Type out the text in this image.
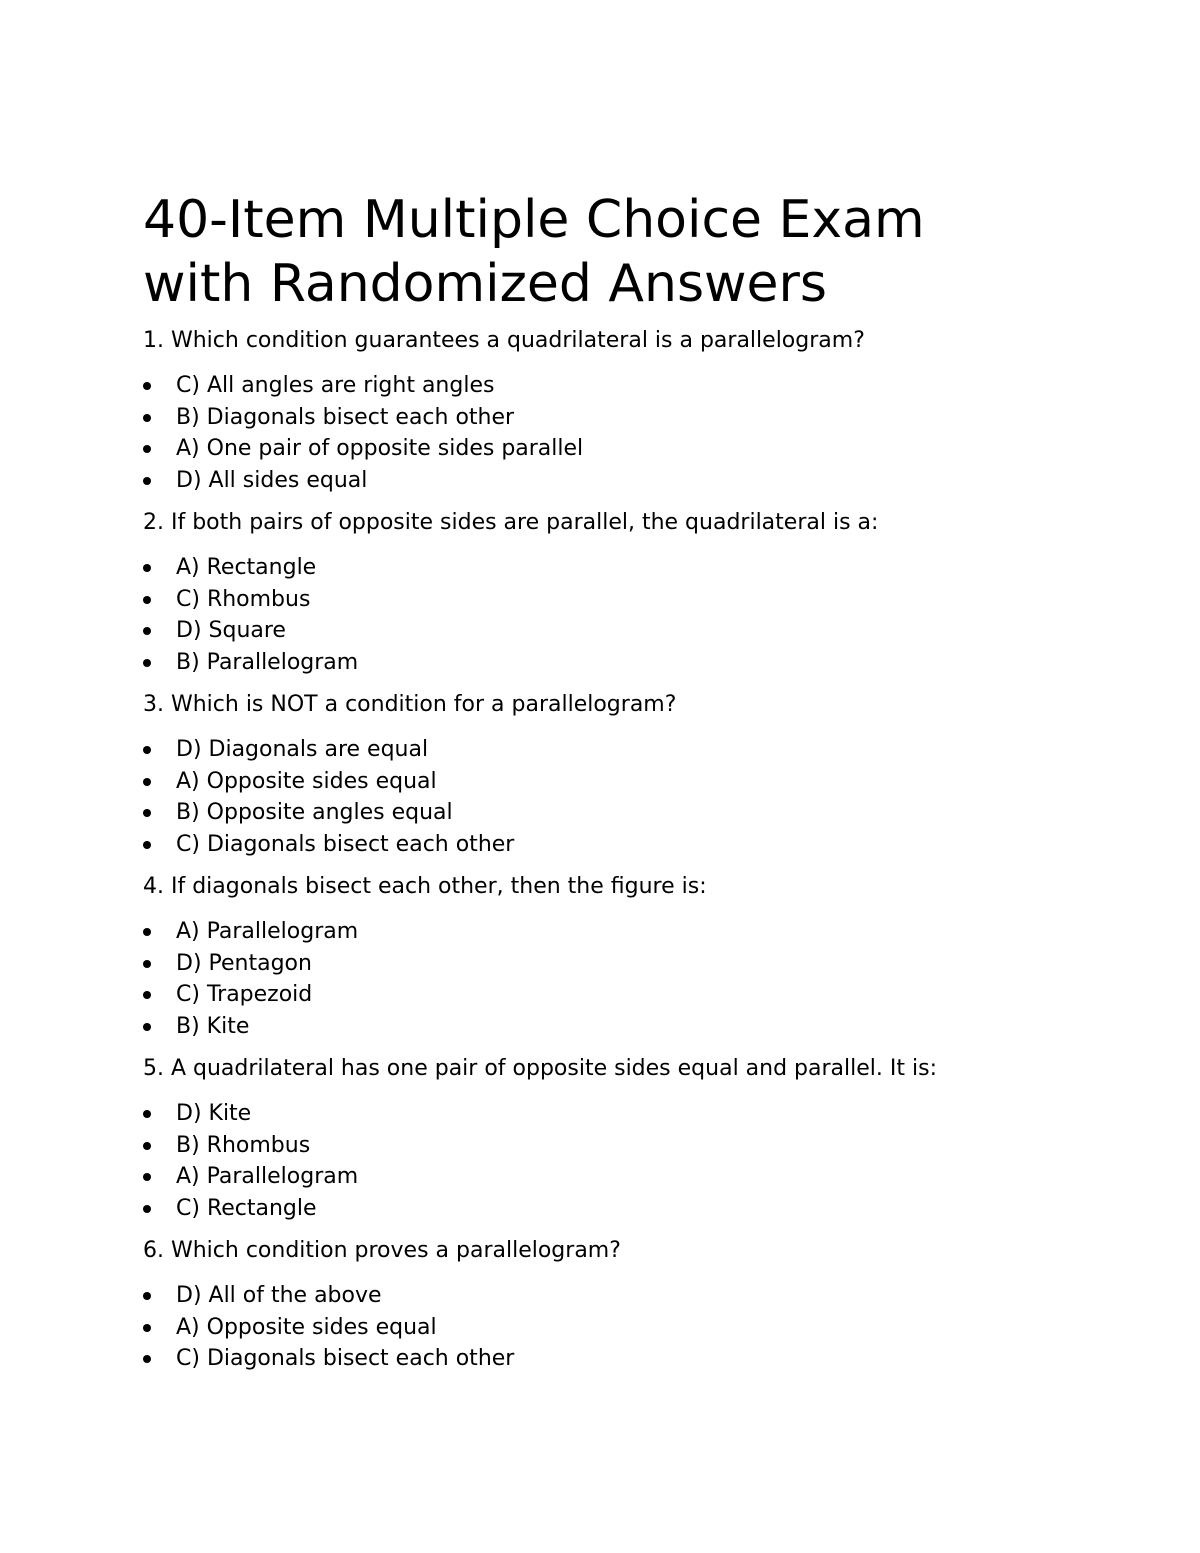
40-Item Multiple Choice Exam
with Randomized Answers

1. Which condition guarantees a quadrilateral is a parallelogram?

C) All angles are right angles
B) Diagonals bisect each other
A) One pair of opposite sides parallel
D) All sides equal

2. If both pairs of opposite sides are parallel, the quadrilateral is a:

A) Rectangle
C) Rhombus
D) Square
B) Parallelogram

3. Which is NOT a condition for a parallelogram?

D) Diagonals are equal
A) Opposite sides equal
B) Opposite angles equal
C) Diagonals bisect each other

4. If diagonals bisect each other, then the figure is:

A) Parallelogram
D) Pentagon
C) Trapezoid
B) Kite

5. A quadrilateral has one pair of opposite sides equal and parallel. It is:

D) Kite
B) Rhombus
A) Parallelogram
C) Rectangle

6. Which condition proves a parallelogram?

D) All of the above
A) Opposite sides equal
C) Diagonals bisect each other
